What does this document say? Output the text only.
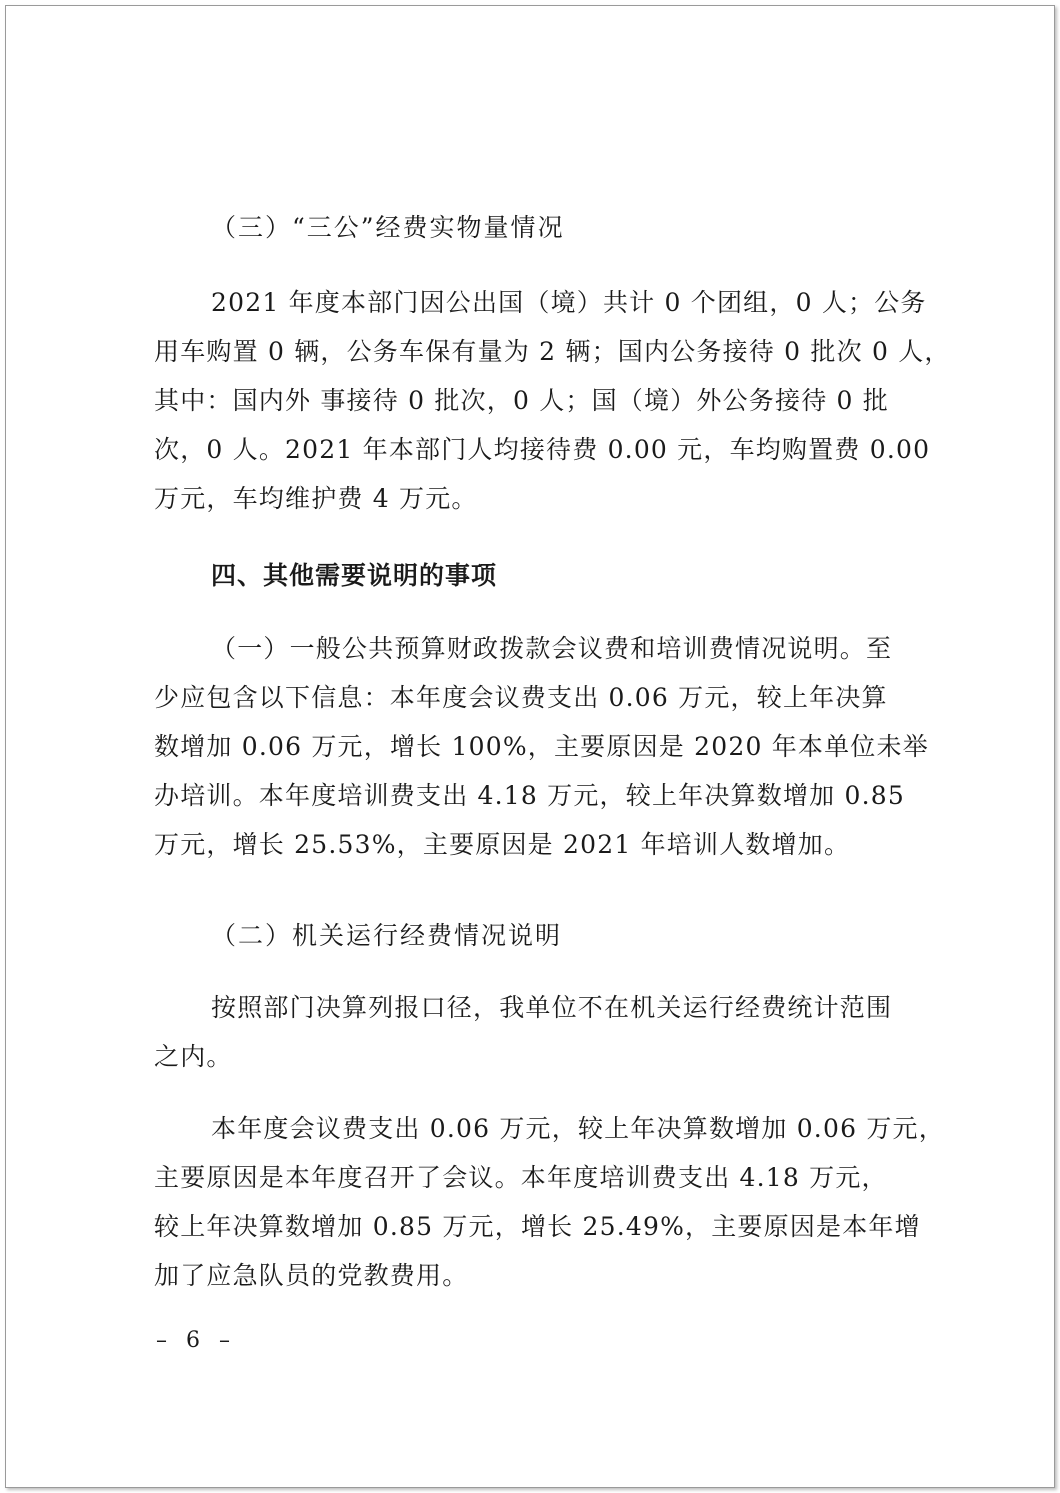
（三）“三公”经费实物量情况
2021 年度本部门因公出国（境）共计 0 个团组，0 人；公务
用车购置 0 辆，公务车保有量为 2 辆；国内公务接待 0 批次 0 人，
其中：国内外 事接待 0 批次，0 人；国（境）外公务接待 0 批
次，0 人。2021 年本部门人均接待费 0.00 元，车均购置费 0.00
万元，车均维护费 4 万元。
四、其他需要说明的事项
（一）一般公共预算财政拨款会议费和培训费情况说明。至
少应包含以下信息：本年度会议费支出 0.06 万元，较上年决算
数增加 0.06 万元，增长 100%，主要原因是 2020 年本单位未举
办培训。本年度培训费支出 4.18 万元，较上年决算数增加 0.85
万元，增长 25.53%，主要原因是 2021 年培训人数增加。
（二）机关运行经费情况说明
按照部门决算列报口径，我单位不在机关运行经费统计范围
之内。
本年度会议费支出 0.06 万元，较上年决算数增加 0.06 万元，
主要原因是本年度召开了会议。本年度培训费支出 4.18 万元，
较上年决算数增加 0.85 万元，增长 25.49%，主要原因是本年增
加了应急队员的党教费用。
– 6 –
